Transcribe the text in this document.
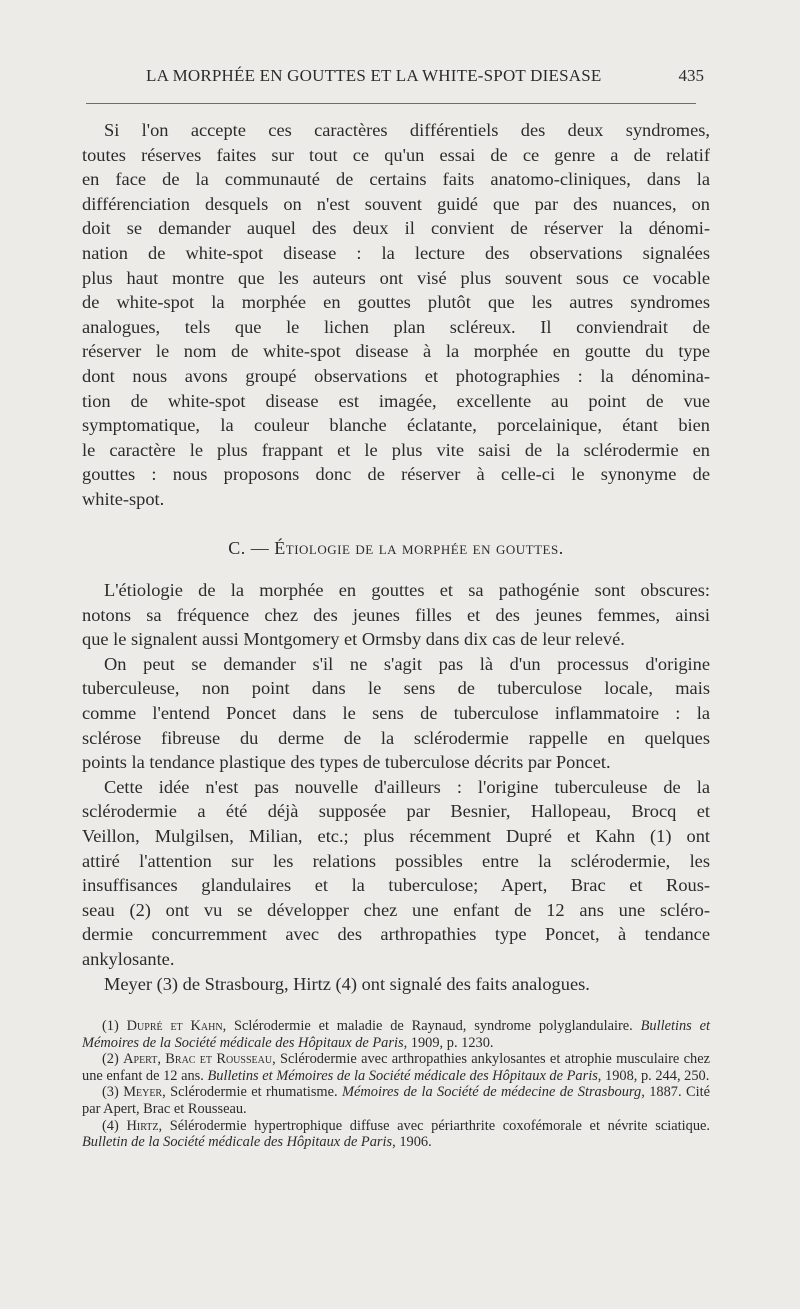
LA MORPHÉE EN GOUTTES ET LA WHITE-SPOT DIESASE	435
Si l'on accepte ces caractères différentiels des deux syndromes,
toutes réserves faites sur tout ce qu'un essai de ce genre a de relatif
en face de la communauté de certains faits anatomo-cliniques, dans la
différenciation desquels on n'est souvent guidé que par des nuances, on
doit se demander auquel des deux il convient de réserver la dénomi-
nation de white-spot disease : la lecture des observations signalées
plus haut montre que les auteurs ont visé plus souvent sous ce vocable
de white-spot la morphée en gouttes plutôt que les autres syndromes
analogues, tels que le lichen plan scléreux. Il conviendrait de
réserver le nom de white-spot disease à la morphée en goutte du type
dont nous avons groupé observations et photographies : la dénomina-
tion de white-spot disease est imagée, excellente au point de vue
symptomatique, la couleur blanche éclatante, porcelainique, étant bien
le caractère le plus frappant et le plus vite saisi de la sclérodermie en
gouttes : nous proposons donc de réserver à celle-ci le synonyme de
white-spot.
C. — Étiologie de la morphée en gouttes.
L'étiologie de la morphée en gouttes et sa pathogénie sont obscures:
notons sa fréquence chez des jeunes filles et des jeunes femmes, ainsi
que le signalent aussi Montgomery et Ormsby dans dix cas de leur relevé.
On peut se demander s'il ne s'agit pas là d'un processus d'origine
tuberculeuse, non point dans le sens de tuberculose locale, mais
comme l'entend Poncet dans le sens de tuberculose inflammatoire : la
sclérose fibreuse du derme de la sclérodermie rappelle en quelques
points la tendance plastique des types de tuberculose décrits par Poncet.
Cette idée n'est pas nouvelle d'ailleurs : l'origine tuberculeuse de la
sclérodermie a été déjà supposée par Besnier, Hallopeau, Brocq et
Veillon, Mulgilsen, Milian, etc.; plus récemment Dupré et Kahn (1) ont
attiré l'attention sur les relations possibles entre la sclérodermie, les
insuffisances glandulaires et la tuberculose; Apert, Brac et Rous-
seau (2) ont vu se développer chez une enfant de 12 ans une scléro-
dermie concurremment avec des arthropathies type Poncet, à tendance
ankylosante.
Meyer (3) de Strasbourg, Hirtz (4) ont signalé des faits analogues.

(1) Dupré et Kahn, Sclérodermie et maladie de Raynaud, syndrome polyglandulaire. Bulletins et Mémoires de la Société médicale des Hôpitaux de Paris, 1909, p. 1230.

(2) Apert, Brac et Rousseau, Sclérodermie avec arthropathies ankylosantes et atrophie musculaire chez une enfant de 12 ans. Bulletins et Mémoires de la Société médicale des Hôpitaux de Paris, 1908, p. 244, 250.

(3) Meyer, Sclérodermie et rhumatisme. Mémoires de la Société de médecine de Strasbourg, 1887. Cité par Apert, Brac et Rousseau.

(4) Hirtz, Sélérodermie hypertrophique diffuse avec périarthrite coxofémorale et névrite sciatique. Bulletin de la Société médicale des Hôpitaux de Paris, 1906.
